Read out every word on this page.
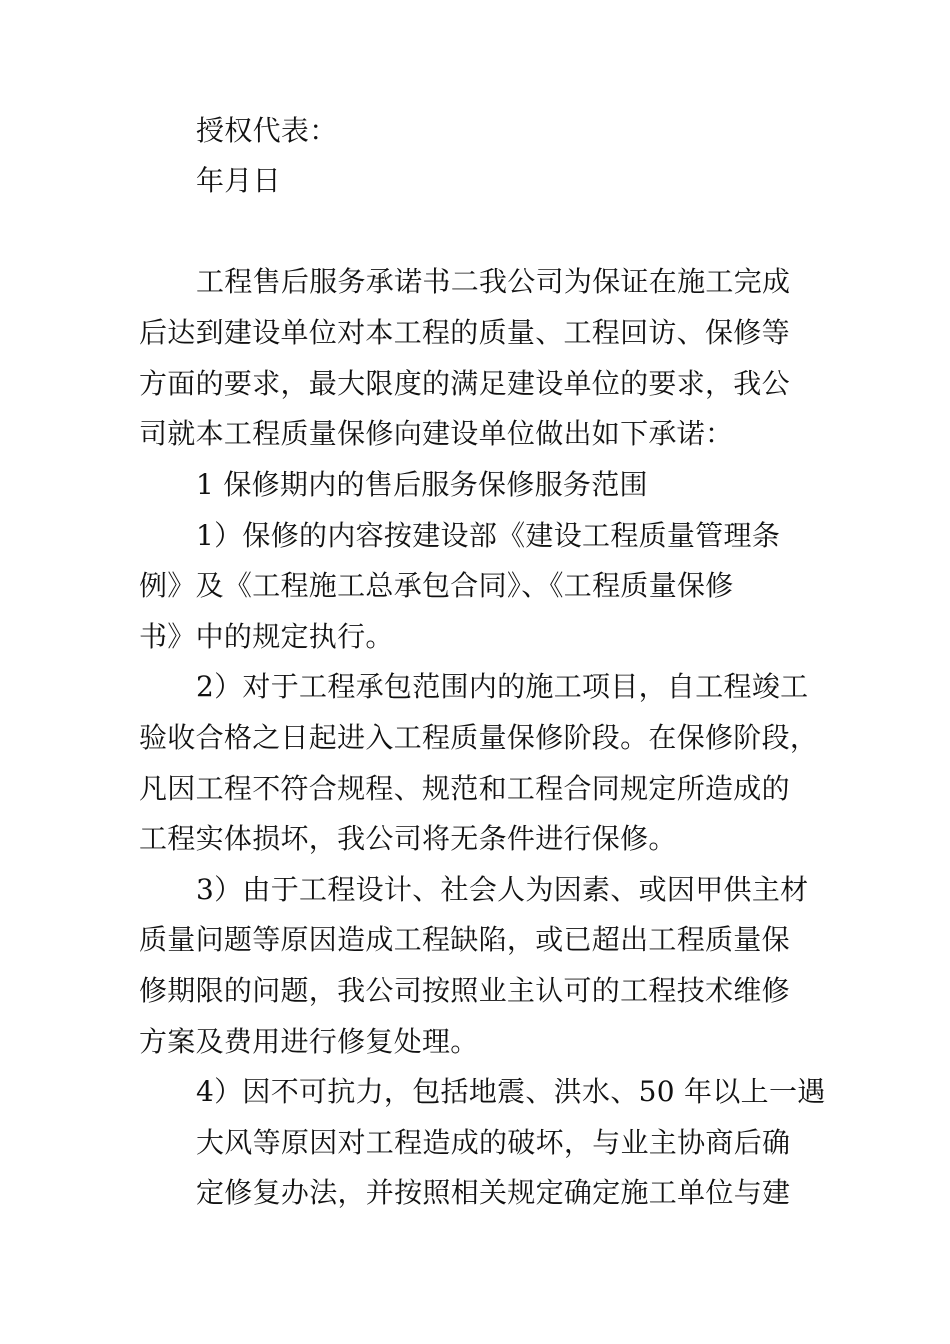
授权代表：
年月日
工程售后服务承诺书二我公司为保证在施工完成
后达到建设单位对本工程的质量、工程回访、保修等
方面的要求，最大限度的满足建设单位的要求，我公
司就本工程质量保修向建设单位做出如下承诺：
1 保修期内的售后服务保修服务范围
1）保修的内容按建设部《建设工程质量管理条
例》及《工程施工总承包合同》、《工程质量保修
书》中的规定执行。
2）对于工程承包范围内的施工项目，自工程竣工
验收合格之日起进入工程质量保修阶段。在保修阶段，
凡因工程不符合规程、规范和工程合同规定所造成的
工程实体损坏，我公司将无条件进行保修。
3）由于工程设计、社会人为因素、或因甲供主材
质量问题等原因造成工程缺陷，或已超出工程质量保
修期限的问题，我公司按照业主认可的工程技术维修
方案及费用进行修复处理。
4）因不可抗力，包括地震、洪水、50 年以上一遇
大风等原因对工程造成的破坏，与业主协商后确
定修复办法，并按照相关规定确定施工单位与建
